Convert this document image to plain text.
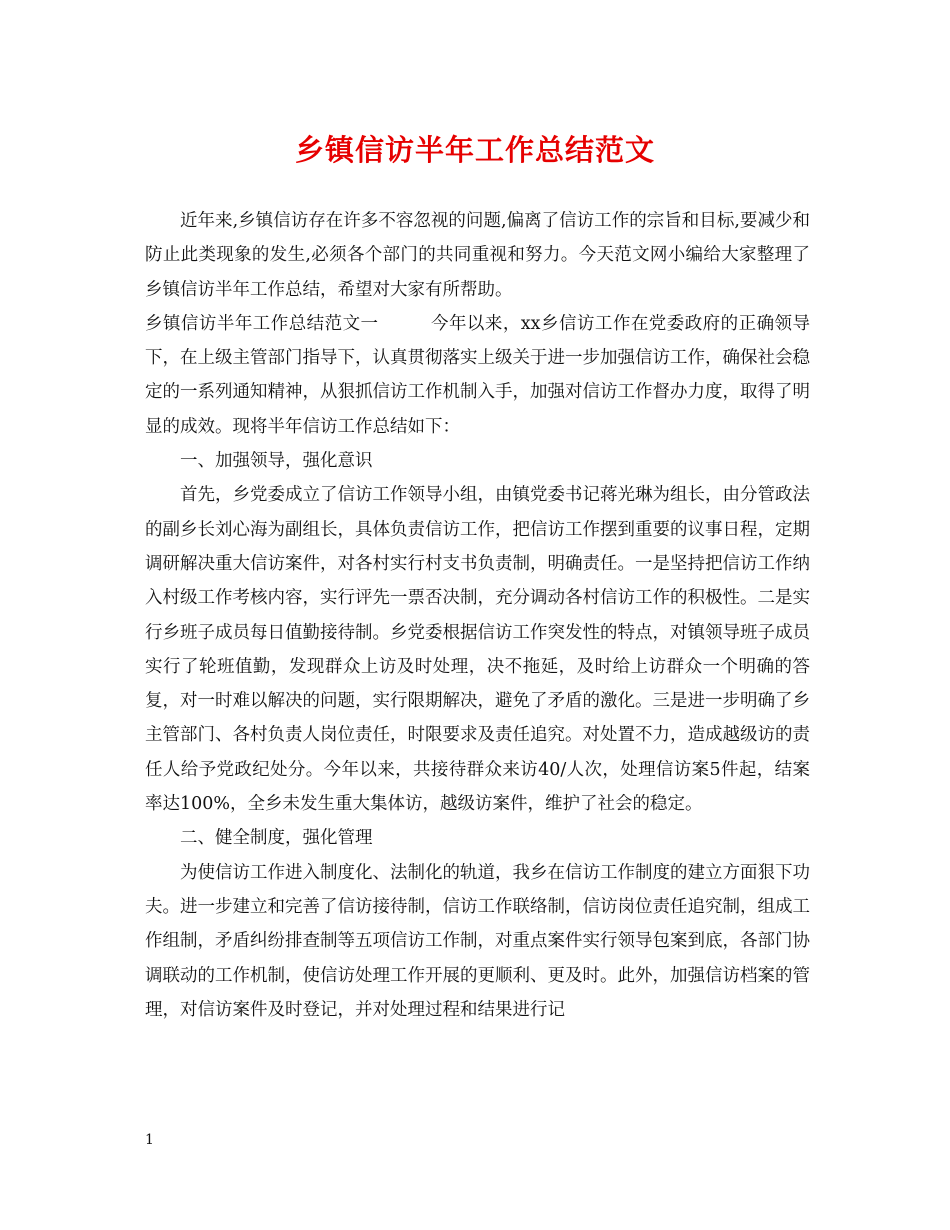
乡镇信访半年工作总结范文

近年来,乡镇信访存在许多不容忽视的问题,偏离了信访工作的宗旨和目标,要减少和防止此类现象的发生,必须各个部门的共同重视和努力。今天范文网小编给大家整理了乡镇信访半年工作总结，希望对大家有所帮助。

乡镇信访半年工作总结范文一	今年以来，xx乡信访工作在党委政府的正确领导下，在上级主管部门指导下，认真贯彻落实上级关于进一步加强信访工作，确保社会稳定的一系列通知精神，从狠抓信访工作机制入手，加强对信访工作督办力度，取得了明显的成效。现将半年信访工作总结如下：

一、加强领导，强化意识

首先，乡党委成立了信访工作领导小组，由镇党委书记蒋光琳为组长，由分管政法的副乡长刘心海为副组长，具体负责信访工作，把信访工作摆到重要的议事日程，定期调研解决重大信访案件，对各村实行村支书负责制，明确责任。一是坚持把信访工作纳入村级工作考核内容，实行评先一票否决制，充分调动各村信访工作的积极性。二是实行乡班子成员每日值勤接待制。乡党委根据信访工作突发性的特点，对镇领导班子成员实行了轮班值勤，发现群众上访及时处理，决不拖延，及时给上访群众一个明确的答复，对一时难以解决的问题，实行限期解决，避免了矛盾的激化。三是进一步明确了乡主管部门、各村负责人岗位责任，时限要求及责任追究。对处置不力，造成越级访的责任人给予党政纪处分。今年以来，共接待群众来访40/人次，处理信访案5件起，结案率达100%，全乡未发生重大集体访，越级访案件，维护了社会的稳定。

二、健全制度，强化管理

为使信访工作进入制度化、法制化的轨道，我乡在信访工作制度的建立方面狠下功夫。进一步建立和完善了信访接待制，信访工作联络制，信访岗位责任追究制，组成工作组制，矛盾纠纷排查制等五项信访工作制，对重点案件实行领导包案到底，各部门协调联动的工作机制，使信访处理工作开展的更顺利、更及时。此外，加强信访档案的管理，对信访案件及时登记，并对处理过程和结果进行记

1
